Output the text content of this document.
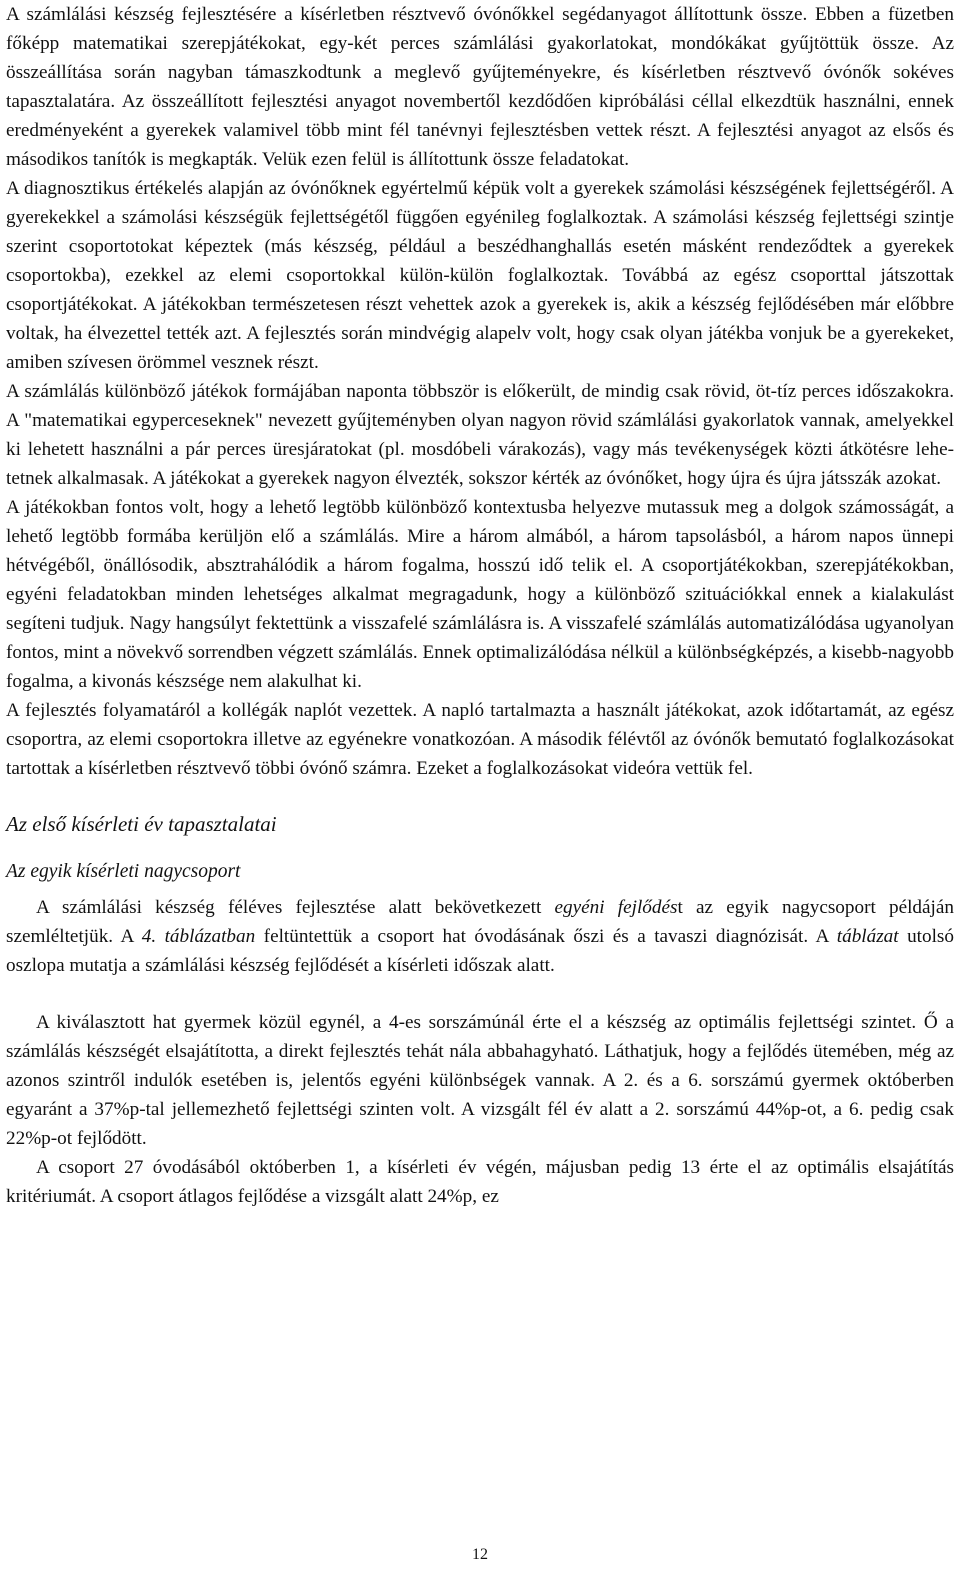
A számlálási készség fejlesztésére a kísérletben résztvevő óvónőkkel segédanyagot állítottunk össze. Ebben a füzetben főképp matematikai szerepjátékokat, egy-két perces számlálási gyakorlatokat, mondókákat gyűjtöttük össze. Az összeállítása során nagyban támaszkodtunk a meglevő gyűjteményekre, és kísérletben résztvevő óvónők sokéves tapasztalatára. Az összeállított fejlesztési anyagot novembertől kezdődően kipróbálási céllal elkezdtük használni, ennek eredményeként a gyerekek valamivel több mint fél tanévnyi fejlesztésben vettek részt. A fejlesztési anyagot az elsős és másodikos tanítók is megkapták. Velük ezen felül is állítottunk össze feladatokat.

A diagnosztikus értékelés alapján az óvónőknek egyértelmű képük volt a gyerekek számolási készségének fejlettségéről. A gyerekekkel a számolási készségük fejlettségétől függően egyénileg foglalkoztak. A számolási készség fejlettségi szintje szerint csoportotokat képeztek (más készség, például a beszédhanghallás esetén másként rendeződtek a gyerekek csoportokba), ezekkel az elemi csoportokkal külön-külön foglalkoztak. Továbbá az egész csoporttal játszottak csoportjátékokat. A játékokban természetesen részt vehettek azok a gyerekek is, akik a készség fejlődésében már előbbre voltak, ha élvezettel tették azt. A fejlesztés során mindvégig alapelv volt, hogy csak olyan játékba vonjuk be a gyerekeket, amiben szívesen örömmel vesznek részt.

A számlálás különböző játékok formájában naponta többször is előkerült, de mindig csak rövid, öt-tíz perces időszakokra. A "matematikai egyperceseknek" nevezett gyűjteményben olyan nagyon rövid számlálási gyakorlatok vannak, amelyekkel ki lehetett használni a pár perces üresjáratokat (pl. mosdóbeli várakozás), vagy más tevékenységek közti átkötésre lehetetnek alkalmasak. A játékokat a gyerekek nagyon élvezték, sokszor kérték az óvónőket, hogy újra és újra játsszák azokat.

A játékokban fontos volt, hogy a lehető legtöbb különböző kontextusba helyezve mutassuk meg a dolgok számosságát, a lehető legtöbb formába kerüljön elő a számlálás. Mire a három almából, a három tapsolásból, a három napos ünnepi hétvégéből, önállósodik, absztrahálódik a három fogalma, hosszú idő telik el. A csoportjátékokban, szerepjátékokban, egyéni feladatokban minden lehetséges alkalmat megragadunk, hogy a különböző szituációkkal ennek a kialakulást segíteni tudjuk. Nagy hangsúlyt fektettünk a visszafelé számlálásra is. A visszafelé számlálás automatizálódása ugyanolyan fontos, mint a növekvő sorrendben végzett számlálás. Ennek optimalizálódása nélkül a különbségképzés, a kisebb-nagyobb fogalma, a kivonás készsége nem alakulhat ki.

A fejlesztés folyamatáról a kollégák naplót vezettek. A napló tartalmazta a használt játékokat, azok időtartamát, az egész csoportra, az elemi csoportokra illetve az egyénekre vonatkozóan. A második félévtől az óvónők bemutató foglalkozásokat tartottak a kísérletben résztvevő többi óvónő számra. Ezeket a foglalkozásokat videóra vettük fel.

Az első kísérleti év tapasztalatai
Az egyik kísérleti nagycsoport

A számlálási készség féléves fejlesztése alatt bekövetkezett egyéni fejlődést az egyik nagycsoport példáján szemléltetjük. A 4. táblázatban feltüntettük a csoport hat óvodásának őszi és a tavaszi diagnózisát. A táblázat utolsó oszlopa mutatja a számlálási készség fejlődését a kísérleti időszak alatt.

A kiválasztott hat gyermek közül egynél, a 4-es sorszámúnál érte el a készség az optimális fejlettségi szintet. Ő a számlálás készségét elsajátította, a direkt fejlesztés tehát nála abbahagyható. Láthatjuk, hogy a fejlődés ütemében, még az azonos szintről indulók esetében is, jelentős egyéni különbségek vannak. A 2. és a 6. sorszámú gyermek októberben egyaránt a 37%p-tal jellemezhető fejlettségi szinten volt. A vizsgált fél év alatt a 2. sorszámú 44%p-ot, a 6. pedig csak 22%p-ot fejlődött.

A csoport 27 óvodásából októberben 1, a kísérleti év végén, májusban pedig 13 érte el az optimális elsajátítás kritériumát. A csoport átlagos fejlődése a vizsgált alatt 24%p, ez

12
